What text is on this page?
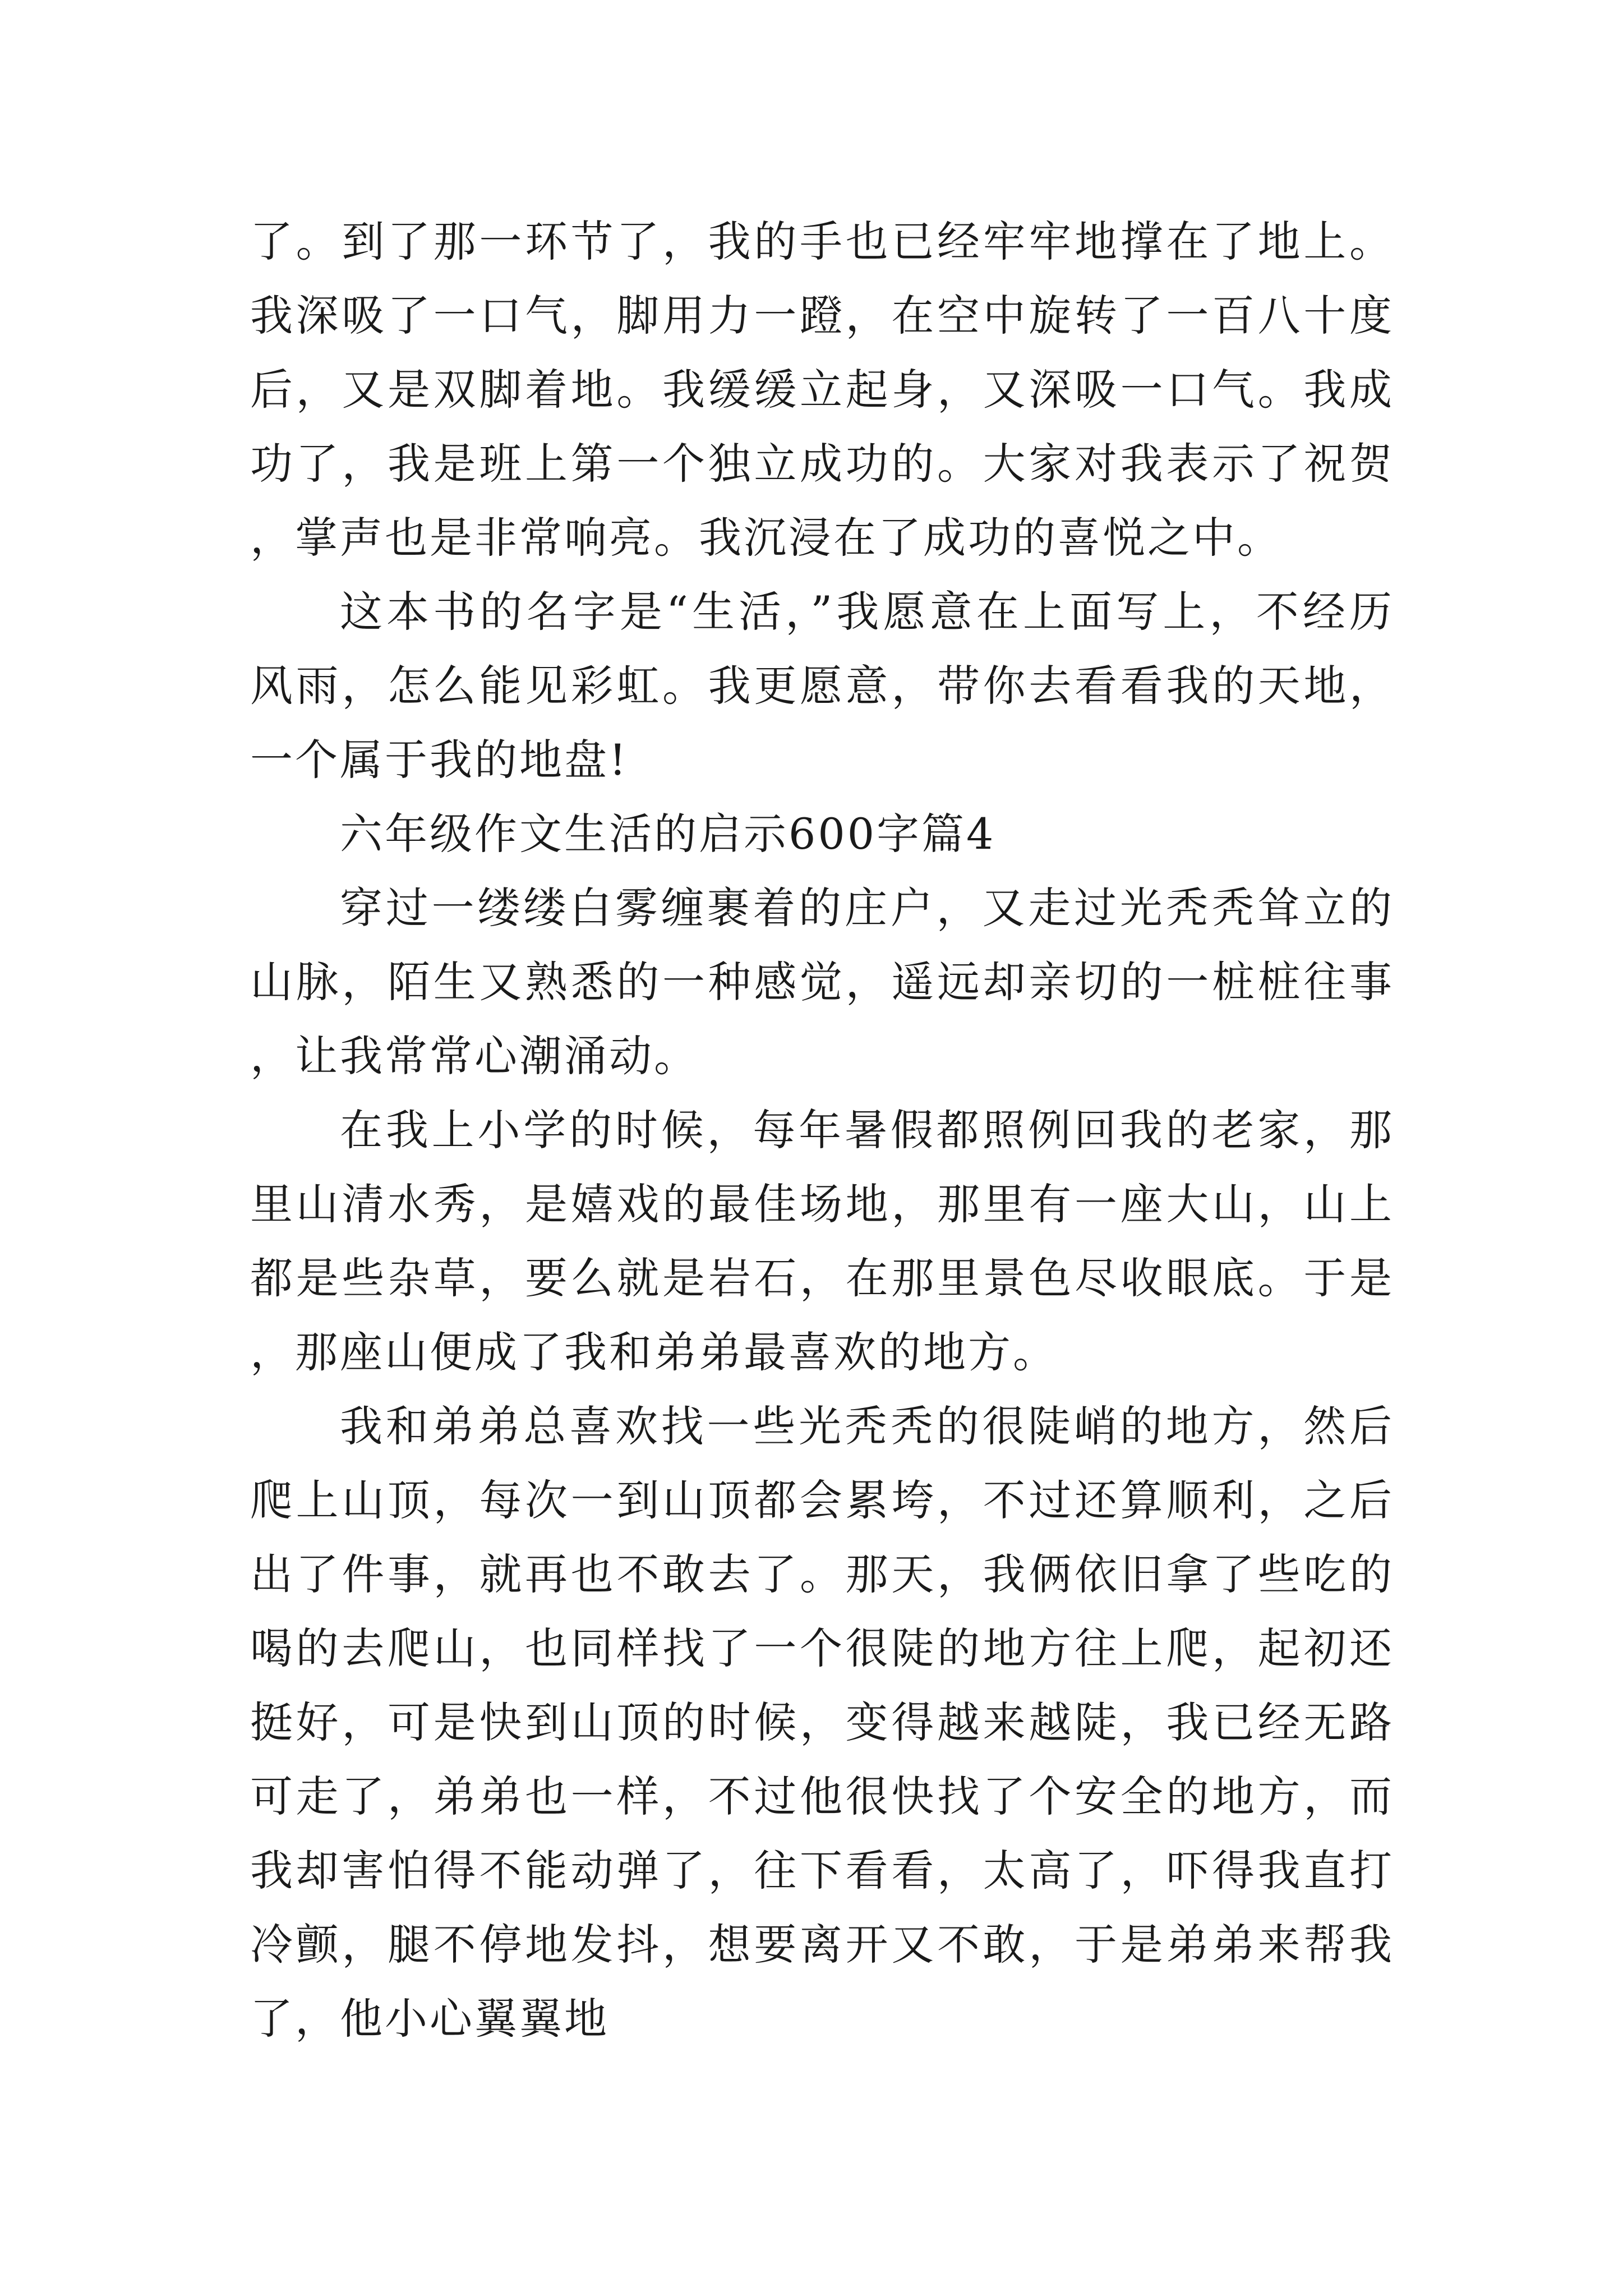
了。到了那一环节了，我的手也已经牢牢地撑在了地上。我深吸了一口气，脚用力一蹬，在空中旋转了一百八十度后，又是双脚着地。我缓缓立起身，又深吸一口气。我成功了，我是班上第一个独立成功的。大家对我表示了祝贺，掌声也是非常响亮。我沉浸在了成功的喜悦之中。

这本书的名字是“生活，”我愿意在上面写上，不经历风雨，怎么能见彩虹。我更愿意，带你去看看我的天地，一个属于我的地盘!

六年级作文生活的启示600字篇4

穿过一缕缕白雾缠裹着的庄户，又走过光秃秃耸立的山脉，陌生又熟悉的一种感觉，遥远却亲切的一桩桩往事，让我常常心潮涌动。

在我上小学的时候，每年暑假都照例回我的老家，那里山清水秀，是嬉戏的最佳场地，那里有一座大山，山上都是些杂草，要么就是岩石，在那里景色尽收眼底。于是，那座山便成了我和弟弟最喜欢的地方。

我和弟弟总喜欢找一些光秃秃的很陡峭的地方，然后爬上山顶，每次一到山顶都会累垮，不过还算顺利，之后出了件事，就再也不敢去了。那天，我俩依旧拿了些吃的喝的去爬山，也同样找了一个很陡的地方往上爬，起初还挺好，可是快到山顶的时候，变得越来越陡，我已经无路可走了，弟弟也一样，不过他很快找了个安全的地方，而我却害怕得不能动弹了，往下看看，太高了，吓得我直打冷颤，腿不停地发抖，想要离开又不敢，于是弟弟来帮我了，他小心翼翼地
